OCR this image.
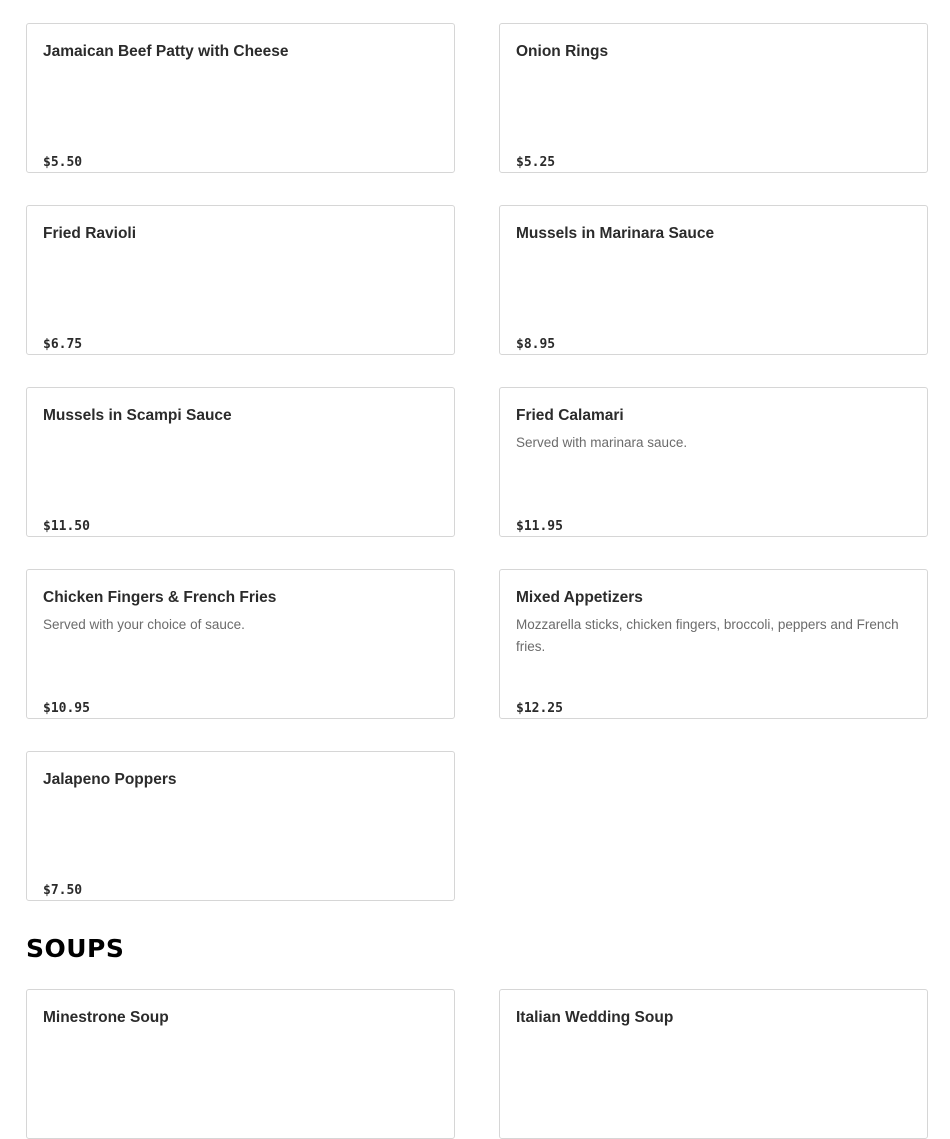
Jamaican Beef Patty with Cheese
$5.50
Onion Rings
$5.25
Fried Ravioli
$6.75
Mussels in Marinara Sauce
$8.95
Mussels in Scampi Sauce
$11.50
Fried Calamari
Served with marinara sauce.
$11.95
Chicken Fingers & French Fries
Served with your choice of sauce.
$10.95
Mixed Appetizers
Mozzarella sticks, chicken fingers, broccoli, peppers and French fries.
$12.25
Jalapeno Poppers
$7.50
SOUPS
Minestrone Soup	Italian Wedding Soup
